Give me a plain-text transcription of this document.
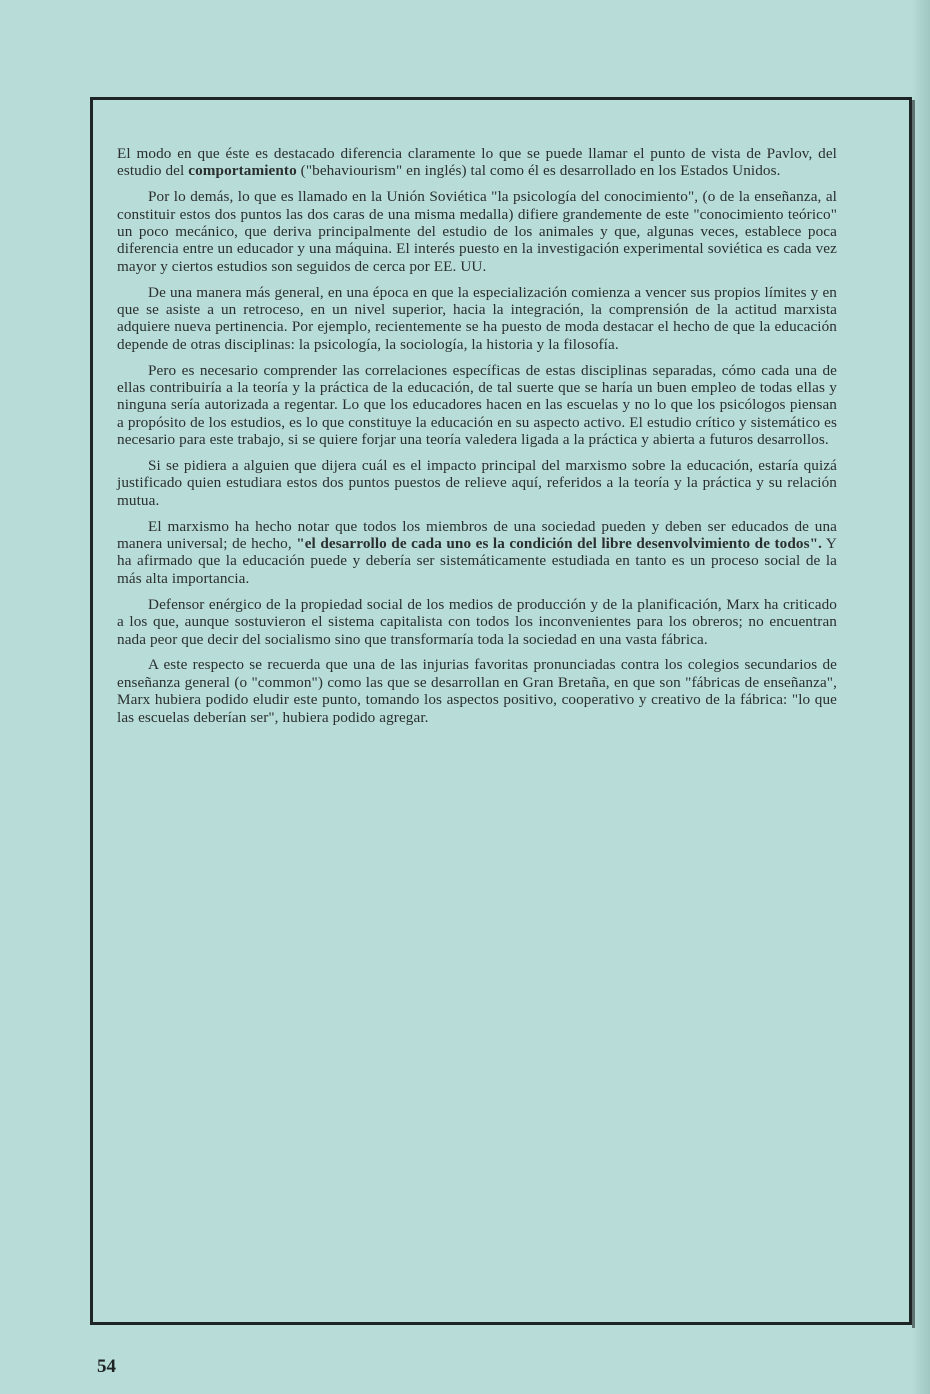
El modo en que éste es destacado diferencia claramente lo que se puede llamar el punto de vista de Pavlov, del estudio del comportamiento ("behaviourism" en inglés) tal como él es desarrollado en los Estados Unidos.

Por lo demás, lo que es llamado en la Unión Soviética "la psicología del conocimiento", (o de la enseñanza, al constituir estos dos puntos las dos caras de una misma medalla) difiere grandemente de este "conocimiento teórico" un poco mecánico, que deriva principalmente del estudio de los animales y que, algunas veces, establece poca diferencia entre un educador y una máquina. El interés puesto en la investigación experimental soviética es cada vez mayor y ciertos estudios son seguidos de cerca por EE. UU.

De una manera más general, en una época en que la especialización comienza a vencer sus propios límites y en que se asiste a un retroceso, en un nivel superior, hacia la integración, la comprensión de la actitud marxista adquiere nueva pertinencia. Por ejemplo, recientemente se ha puesto de moda destacar el hecho de que la educación depende de otras disciplinas: la psicología, la sociología, la historia y la filosofía.

Pero es necesario comprender las correlaciones específicas de estas disciplinas separadas, cómo cada una de ellas contribuiría a la teoría y la práctica de la educación, de tal suerte que se haría un buen empleo de todas ellas y ninguna sería autorizada a regentar. Lo que los educadores hacen en las escuelas y no lo que los psicólogos piensan a propósito de los estudios, es lo que constituye la educación en su aspecto activo. El estudio crítico y sistemático es necesario para este trabajo, si se quiere forjar una teoría valedera ligada a la práctica y abierta a futuros desarrollos.

Si se pidiera a alguien que dijera cuál es el impacto principal del marxismo sobre la educación, estaría quizá justificado quien estudiara estos dos puntos puestos de relieve aquí, referidos a la teoría y la práctica y su relación mutua.

El marxismo ha hecho notar que todos los miembros de una sociedad pueden y deben ser educados de una manera universal; de hecho, "el desarrollo de cada uno es la condición del libre desenvolvimiento de todos". Y ha afirmado que la educación puede y debería ser sistemáticamente estudiada en tanto es un proceso social de la más alta importancia.

Defensor enérgico de la propiedad social de los medios de producción y de la planificación, Marx ha criticado a los que, aunque sostuvieron el sistema capitalista con todos los inconvenientes para los obreros; no encuentran nada peor que decir del socialismo sino que transformaría toda la sociedad en una vasta fábrica.

A este respecto se recuerda que una de las injurias favoritas pronunciadas contra los colegios secundarios de enseñanza general (o "common") como las que se desarrollan en Gran Bretaña, en que son "fábricas de enseñanza", Marx hubiera podido eludir este punto, tomando los aspectos positivo, cooperativo y creativo de la fábrica: "lo que las escuelas deberían ser", hubiera podido agregar.

54
